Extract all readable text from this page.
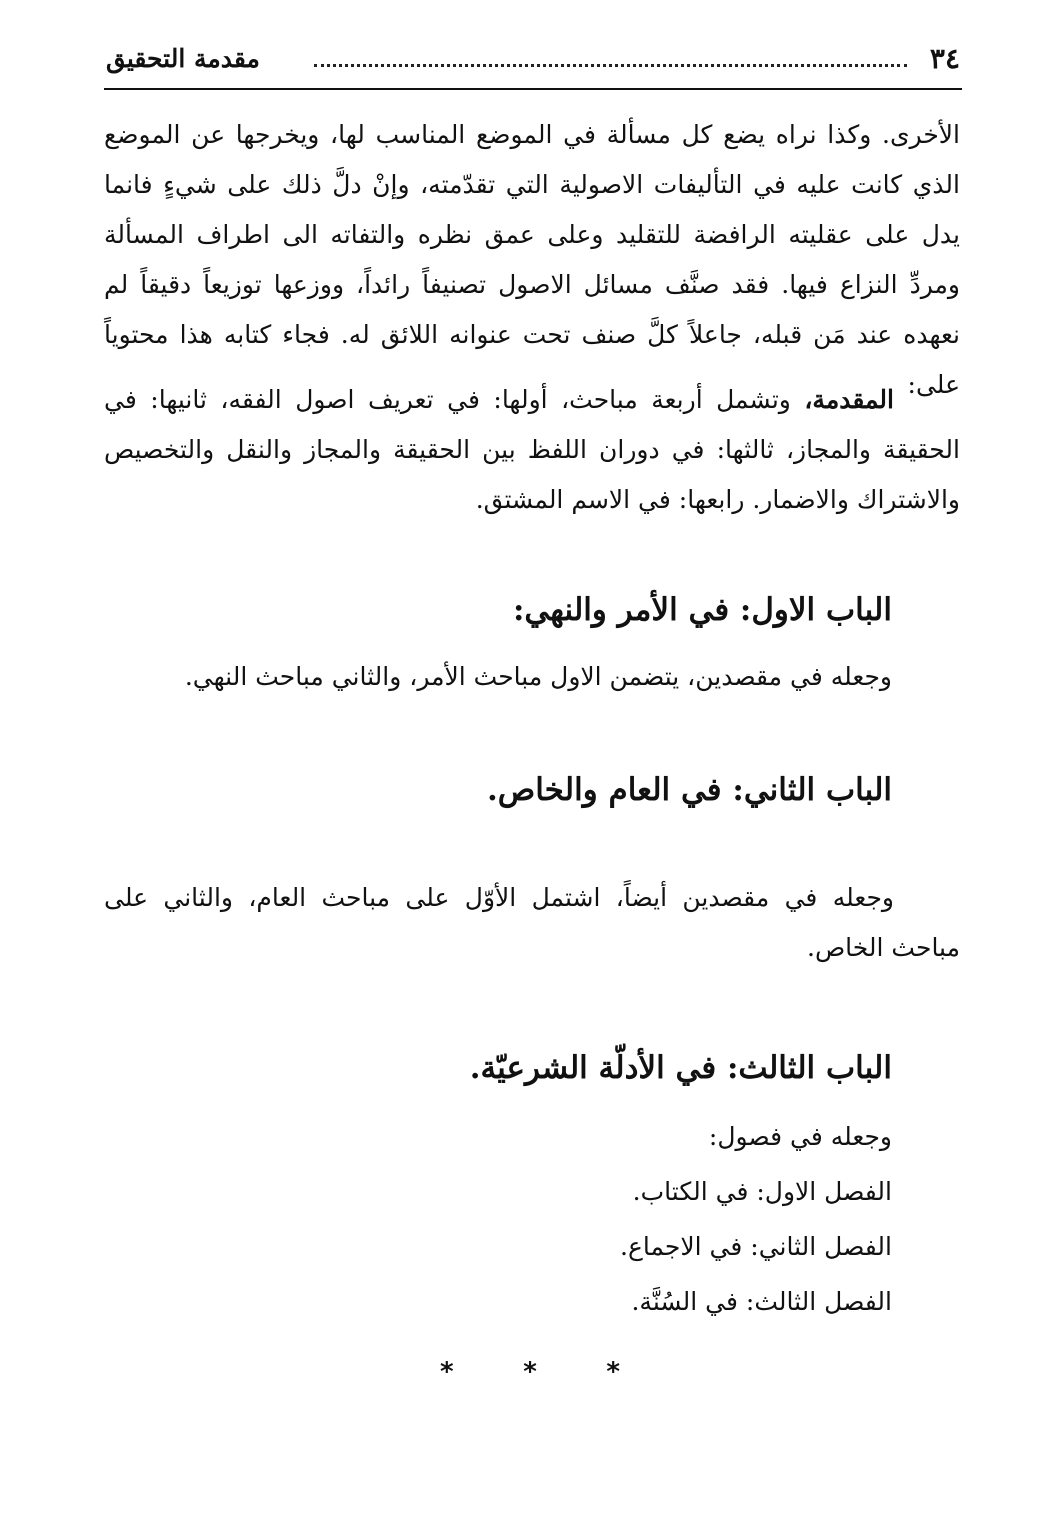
٣٤
مقدمة التحقيق

الأخرى. وكذا نراه يضع كل مسألة في الموضع المناسب لها، ويخرجها عن الموضع الذي كانت عليه في التأليفات الاصولية التي تقدّمته، وإنْ دلَّ ذلك على شيءٍ فانما يدل على عقليته الرافضة للتقليد وعلى عمق نظره والتفاته الى اطراف المسألة ومردِّ النزاع فيها. فقد صنَّف مسائل الاصول تصنيفاً رائداً، ووزعها توزيعاً دقيقاً لم نعهده عند مَن قبله، جاعلاً كلَّ صنف تحت عنوانه اللائق له. فجاء كتابه هذا محتوياً على:

المقدمة، وتشمل أربعة مباحث، أولها: في تعريف اصول الفقه، ثانيها: في الحقيقة والمجاز، ثالثها: في دوران اللفظ بين الحقيقة والمجاز والنقل والتخصيص والاشتراك والاضمار. رابعها: في الاسم المشتق.

الباب الاول: في الأمر والنهي:
وجعله في مقصدين، يتضمن الاول مباحث الأمر، والثاني مباحث النهي.
الباب الثاني: في العام والخاص.
وجعله في مقصدين أيضاً، اشتمل الأوّل على مباحث العام، والثاني على مباحث الخاص.
الباب الثالث: في الأدلّة الشرعيّة.
وجعله في فصول:
الفصل الاول: في الكتاب.
الفصل الثاني: في الاجماع.
الفصل الثالث: في السُنَّة.
*	*	*
